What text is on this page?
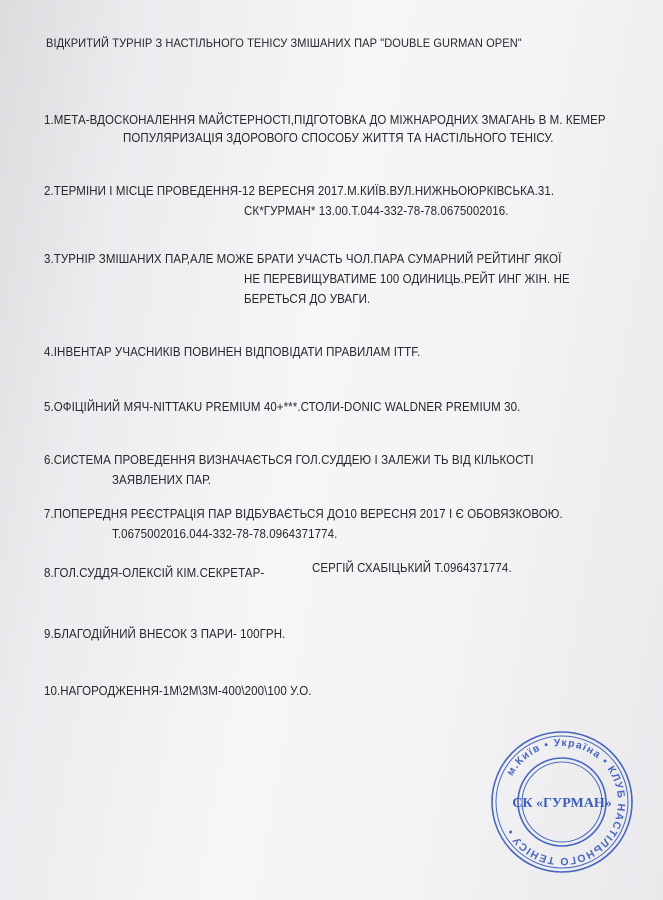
ВІДКРИТИЙ ТУРНІР З НАСТІЛЬНОГО ТЕНІСУ ЗМІШАНИХ ПАР "DOUBLE GURMAN OPEN"
1.МЕТА-ВДОСКОНАЛЕННЯ МАЙСТЕРНОСТІ,ПІДГОТОВКА ДО МІЖНАРОДНИХ ЗМАГАНЬ В М. КЕМЕР
ПОПУЛЯРИЗАЦІЯ ЗДОРОВОГО СПОСОБУ ЖИТТЯ ТА НАСТІЛЬНОГО ТЕНІСУ.
2.ТЕРМІНИ І МІСЦЕ ПРОВЕДЕННЯ-12 ВЕРЕСНЯ 2017.М.КИЇВ.ВУЛ.НИЖНЬОЮРКІВСЬКА.31.
СК*ГУРМАН* 13.00.Т.044-332-78-78.0675002016.
3.ТУРНІР ЗМІШАНИХ ПАР,АЛЕ МОЖЕ БРАТИ УЧАСТЬ ЧОЛ.ПАРА СУМАРНИЙ РЕЙТИНГ ЯКОЇ
НЕ ПЕРЕВИЩУВАТИМЕ 100 ОДИНИЦЬ.РЕЙТ ИНГ ЖІН. НЕ
БЕРЕТЬСЯ ДО УВАГИ.
4.ІНВЕНТАР УЧАСНИКІВ ПОВИНЕН ВІДПОВІДАТИ ПРАВИЛАМ ITTF.
5.ОФІЦІЙНИЙ МЯЧ-NITTAKU PREMIUM 40+***.СТОЛИ-DONIC WALDNER PREMIUM 30.
6.СИСТЕМА ПРОВЕДЕННЯ ВИЗНАЧАЄТЬСЯ ГОЛ.СУДДЕЮ І ЗАЛЕЖИ ТЬ ВІД КІЛЬКОСТІ
ЗАЯВЛЕНИХ ПАР.
7.ПОПЕРЕДНЯ РЕЄСТРАЦІЯ ПАР ВІДБУВАЄТЬСЯ ДО10 ВЕРЕСНЯ 2017 І Є ОБОВЯЗКОВОЮ.
Т.0675002016.044-332-78-78.0964371774.
8.ГОЛ.СУДДЯ-ОЛЕКСІЙ КІМ.СЕКРЕТАР-	СЕРГІЙ СХАБІЦЬКИЙ Т.0964371774.
9.БЛАГОДІЙНИЙ ВНЕСОК З ПАРИ- 100ГРН.
10.НАГОРОДЖЕННЯ-1М\2М\3М-400\200\100 У.О.
м.Київ • Україна • КЛУБ НАСТІЛЬНОГО ТЕНІСУ •
СК «ГУРМАН»
